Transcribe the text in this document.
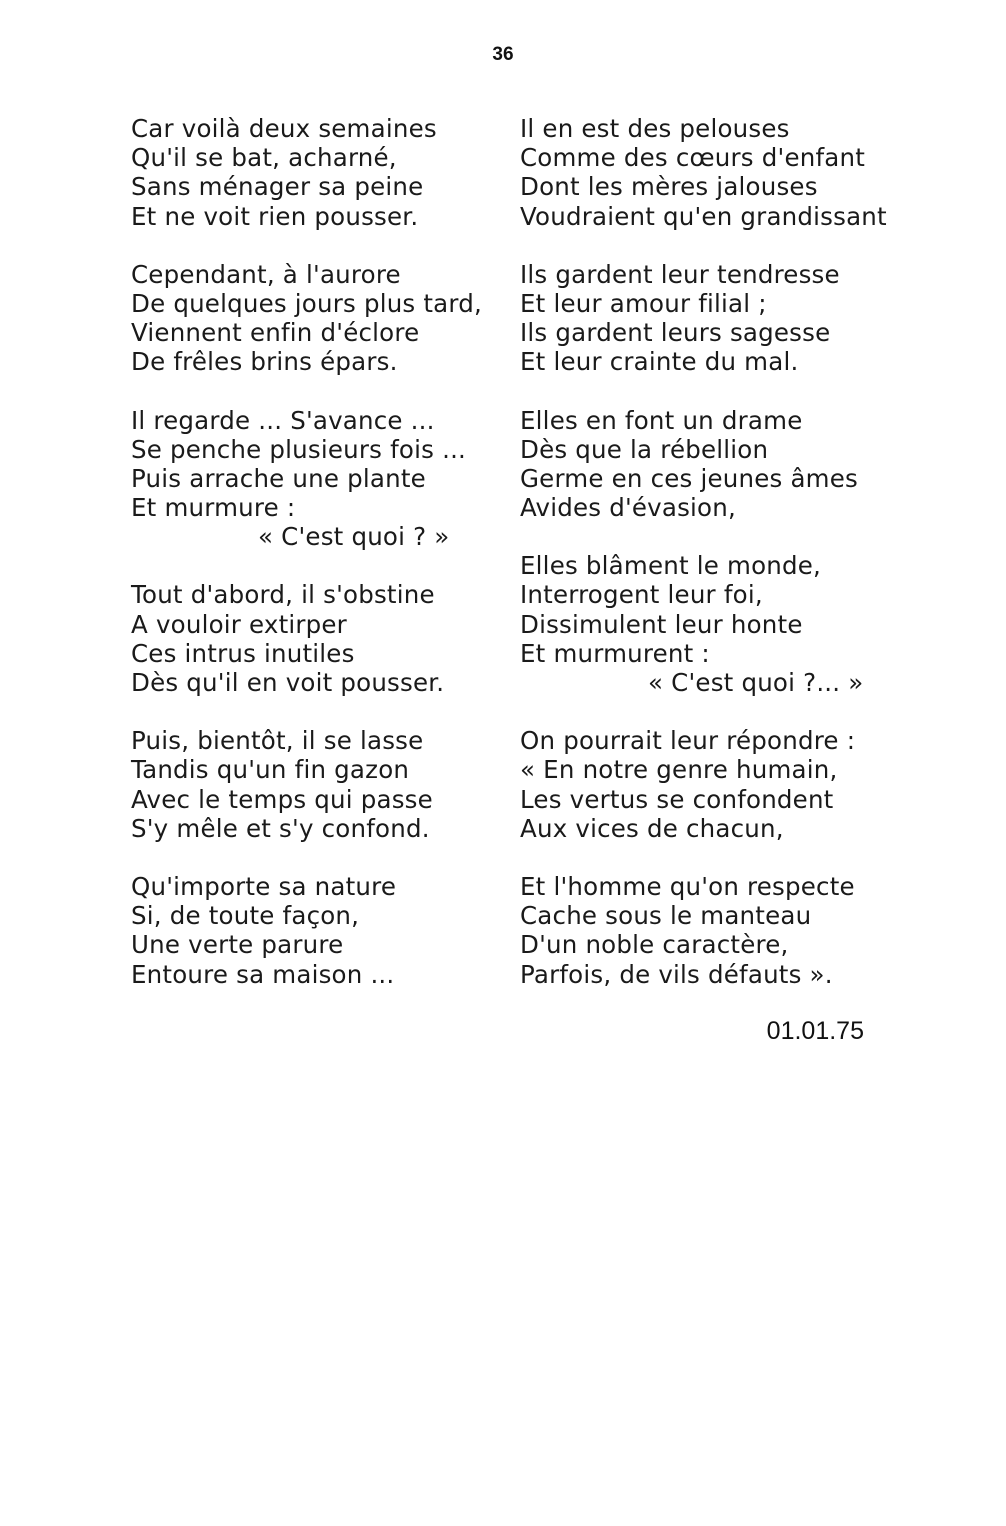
36
Car voilà deux semaines
Qu'il se bat, acharné,
Sans ménager sa peine
Et ne voit rien pousser.
Cependant, à l'aurore
De quelques jours plus tard,
Viennent enfin d'éclore
De frêles brins épars.
Il regarde ... S'avance ...
Se penche plusieurs fois ...
Puis arrache une plante
Et murmure :
« C'est quoi ? »
Tout d'abord, il s'obstine
A vouloir extirper
Ces intrus inutiles
Dès qu'il en voit pousser.
Puis, bientôt, il se lasse
Tandis qu'un fin gazon
Avec le temps qui passe
S'y mêle et s'y confond.
Qu'importe sa nature
Si, de toute façon,
Une verte parure
Entoure sa maison ...
Il en est des pelouses
Comme des cœurs d'enfant
Dont les mères jalouses
Voudraient qu'en grandissant
Ils gardent leur tendresse
Et leur amour filial ;
Ils gardent leurs sagesse
Et leur crainte du mal.
Elles en font un drame
Dès que la rébellion
Germe en ces jeunes âmes
Avides d'évasion,
Elles blâment le monde,
Interrogent leur foi,
Dissimulent leur honte
Et murmurent :
« C'est quoi ?... »
On pourrait leur répondre :
« En notre genre humain,
Les vertus se confondent
Aux vices de chacun,
Et l'homme qu'on respecte
Cache sous le manteau
D'un noble caractère,
Parfois, de vils défauts ».
01.01.75
